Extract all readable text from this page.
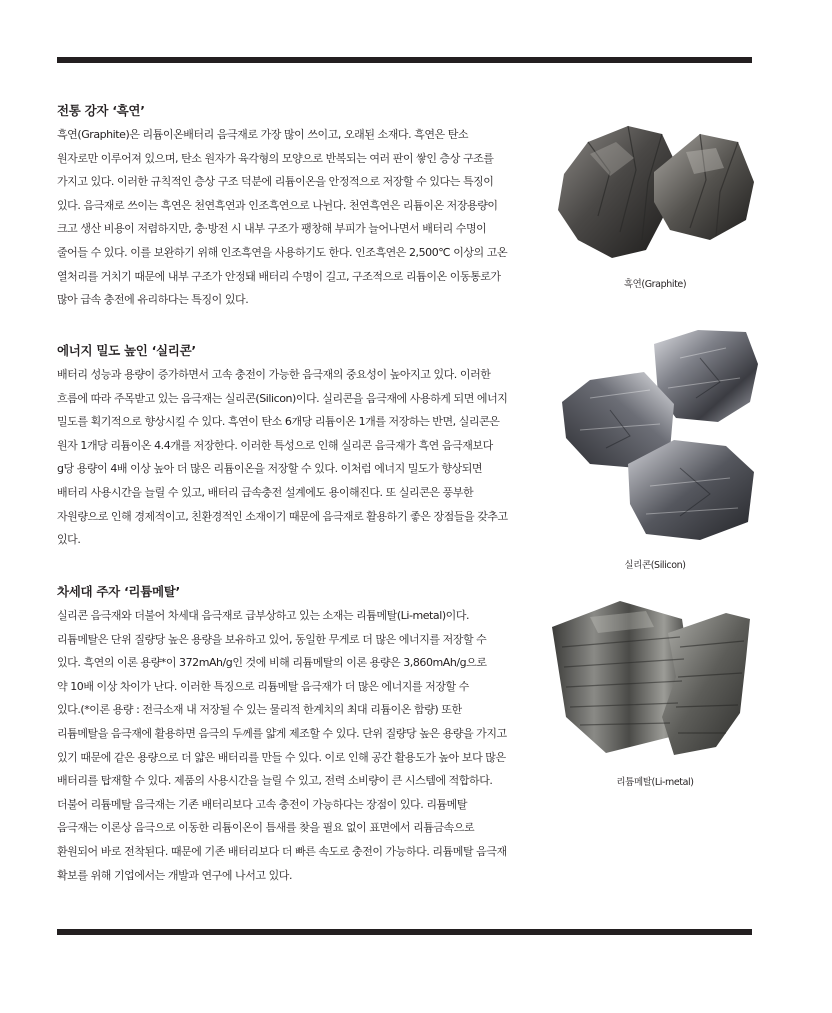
전통 강자 ‘흑연’

흑연(Graphite)은 리튬이온배터리 음극재로 가장 많이 쓰이고, 오래된 소재다. 흑연은 탄소
원자로만 이루어져 있으며, 탄소 원자가 육각형의 모양으로 반복되는 여러 판이 쌓인 층상 구조를
가지고 있다. 이러한 규칙적인 층상 구조 덕분에 리튬이온을 안정적으로 저장할 수 있다는 특징이
있다. 음극재로 쓰이는 흑연은 천연흑연과 인조흑연으로 나뉜다. 천연흑연은 리튬이온 저장용량이
크고 생산 비용이 저렴하지만, 충·방전 시 내부 구조가 팽창해 부피가 늘어나면서 배터리 수명이
줄어들 수 있다. 이를 보완하기 위해 인조흑연을 사용하기도 한다. 인조흑연은 2,500℃ 이상의 고온
열처리를 거치기 때문에 내부 구조가 안정돼 배터리 수명이 길고, 구조적으로 리튬이온 이동통로가
많아 급속 충전에 유리하다는 특징이 있다.

에너지 밀도 높인 ‘실리콘’

배터리 성능과 용량이 증가하면서 고속 충전이 가능한 음극재의 중요성이 높아지고 있다. 이러한
흐름에 따라 주목받고 있는 음극재는 실리콘(Silicon)이다. 실리콘을 음극재에 사용하게 되면 에너지
밀도를 획기적으로 향상시킬 수 있다. 흑연이 탄소 6개당 리튬이온 1개를 저장하는 반면, 실리콘은
원자 1개당 리튬이온 4.4개를 저장한다. 이러한 특성으로 인해 실리콘 음극재가 흑연 음극재보다
g당 용량이 4배 이상 높아 더 많은 리튬이온을 저장할 수 있다. 이처럼 에너지 밀도가 향상되면
배터리 사용시간을 늘릴 수 있고, 배터리 급속충전 설계에도 용이해진다. 또 실리콘은 풍부한
자원량으로 인해 경제적이고, 친환경적인 소재이기 때문에 음극재로 활용하기 좋은 장점들을 갖추고
있다.

차세대 주자 ‘리튬메탈’

실리콘 음극재와 더불어 차세대 음극재로 급부상하고 있는 소재는 리튬메탈(Li-metal)이다.
리튬메탈은 단위 질량당 높은 용량을 보유하고 있어, 동일한 무게로 더 많은 에너지를 저장할 수
있다. 흑연의 이론 용량*이 372mAh/g인 것에 비해 리튬메탈의 이론 용량은 3,860mAh/g으로
약 10배 이상 차이가 난다. 이러한 특징으로 리튬메탈 음극재가 더 많은 에너지를 저장할 수
있다.(*이론 용량 : 전극소재 내 저장될 수 있는 물리적 한계치의 최대 리튬이온 함량) 또한
리튬메탈을 음극재에 활용하면 음극의 두께를 얇게 제조할 수 있다. 단위 질량당 높은 용량을 가지고
있기 때문에 같은 용량으로 더 얇은 배터리를 만들 수 있다. 이로 인해 공간 활용도가 높아 보다 많은
배터리를 탑재할 수 있다. 제품의 사용시간을 늘릴 수 있고, 전력 소비량이 큰 시스템에 적합하다.
더불어 리튬메탈 음극재는 기존 배터리보다 고속 충전이 가능하다는 장점이 있다. 리튬메탈
음극재는 이론상 음극으로 이동한 리튬이온이 틈새를 찾을 필요 없이 표면에서 리튬금속으로
환원되어 바로 전착된다. 때문에 기존 배터리보다 더 빠른 속도로 충전이 가능하다. 리튬메탈 음극재
확보를 위해 기업에서는 개발과 연구에 나서고 있다.

흑연(Graphite)
실리콘(Silicon)
리튬메탈(Li-metal)
